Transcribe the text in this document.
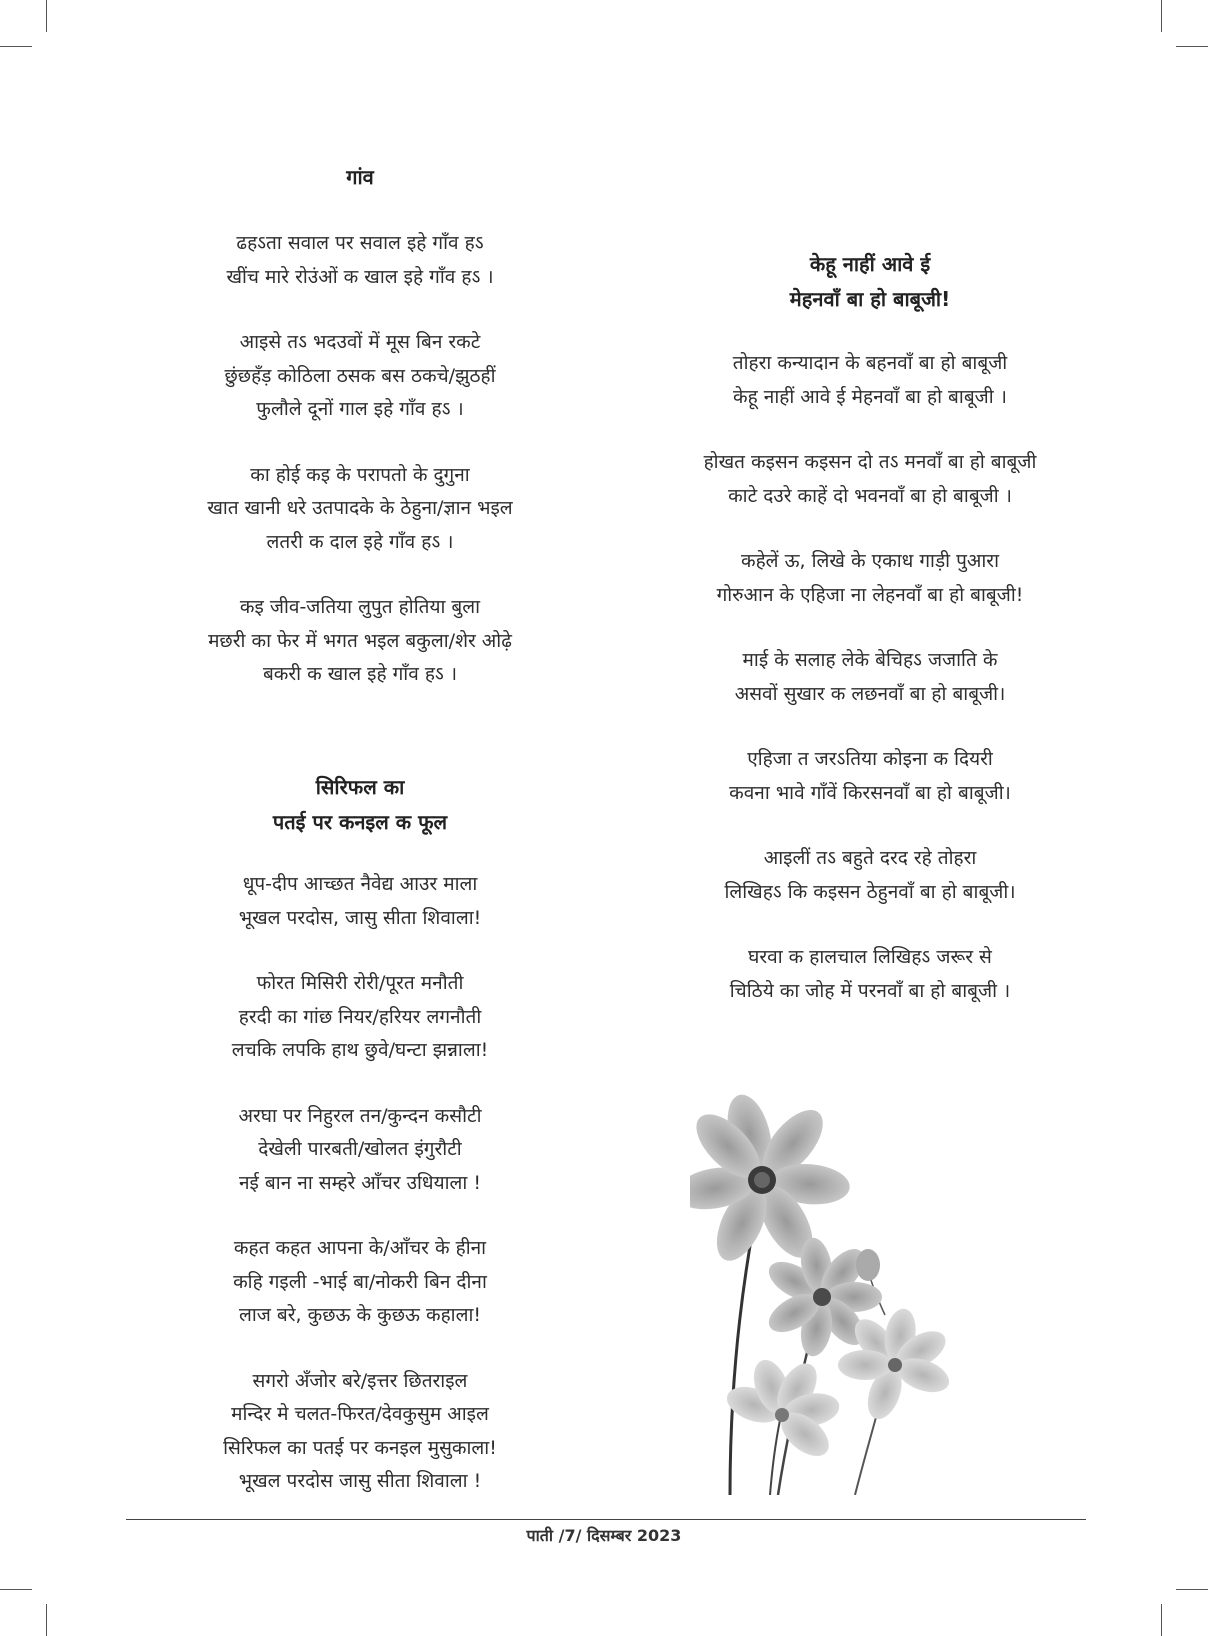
गांव

ढहऽता सवाल पर सवाल इहे गाँव हऽ
खींच मारे रोउंओं क खाल इहे गाँव हऽ ।
आइसे तऽ भदउवों में मूस बिन रकटे
छुंछहँड़ कोठिला ठसक बस ठकचे/झुठहीं
फुलौले दूनों गाल इहे गाँव हऽ ।
का होई कइ के परापतो के दुगुना
खात खानी धरे उतपादके के ठेहुना/ज्ञान भइल
लतरी क दाल इहे गाँव हऽ ।
कइ जीव-जतिया लुपुत होतिया बुला
मछरी का फेर में भगत भइल बकुला/शेर ओढ़े
बकरी क खाल इहे गाँव हऽ ।

सिरिफल का

पतई पर कनइल क फूल

धूप-दीप आच्छत नैवेद्य आउर माला
भूखल परदोस, जासु सीता शिवाला!
फोरत मिसिरी रोरी/पूरत मनौती
हरदी का गांछ नियर/हरियर लगनौती
लचकि लपकि हाथ छुवे/घन्टा झन्नाला!
अरघा पर निहुरल तन/कुन्दन कसौटी
देखेली पारबती/खोलत इंगुरौटी
नई बान ना सम्हरे आँचर उधियाला !
कहत कहत आपना के/आँचर के हीना
कहि गइली -भाई बा/नोकरी बिन दीना
लाज बरे, कुछऊ के कुछऊ कहाला!
सगरो अँजोर बरे/इत्तर छितराइल
मन्दिर मे चलत-फिरत/देवकुसुम आइल
सिरिफल का पतई पर कनइल मुसुकाला!
भूखल परदोस जासु सीता शिवाला !

केहू नाहीं आवे ई

मेहनवाँ बा हो बाबूजी!

तोहरा कन्यादान के बहनवाँ बा हो बाबूजी
केहू नाहीं आवे ई मेहनवाँ बा हो बाबूजी ।
होखत कइसन कइसन दो तऽ मनवाँ बा हो बाबूजी
काटे दउरे काहें दो भवनवाँ बा हो बाबूजी ।
कहेलें ऊ, लिखे के एकाध गाड़ी पुआरा
गोरुआन के एहिजा ना लेहनवाँ बा हो बाबूजी!
माई के सलाह लेके बेचिहऽ जजाति के
असवों सुखार क लछनवाँ बा हो बाबूजी।
एहिजा त जरऽतिया कोइना क दियरी
कवना भावे गाँवें किरसनवाँ बा हो बाबूजी।
आइलीं तऽ बहुते दरद रहे तोहरा
लिखिहऽ कि कइसन ठेहुनवाँ बा हो बाबूजी।
घरवा क हालचाल लिखिहऽ जरूर से
चिठिये का जोह में परनवाँ बा हो बाबूजी ।
पाती /7/ दिसम्बर 2023
